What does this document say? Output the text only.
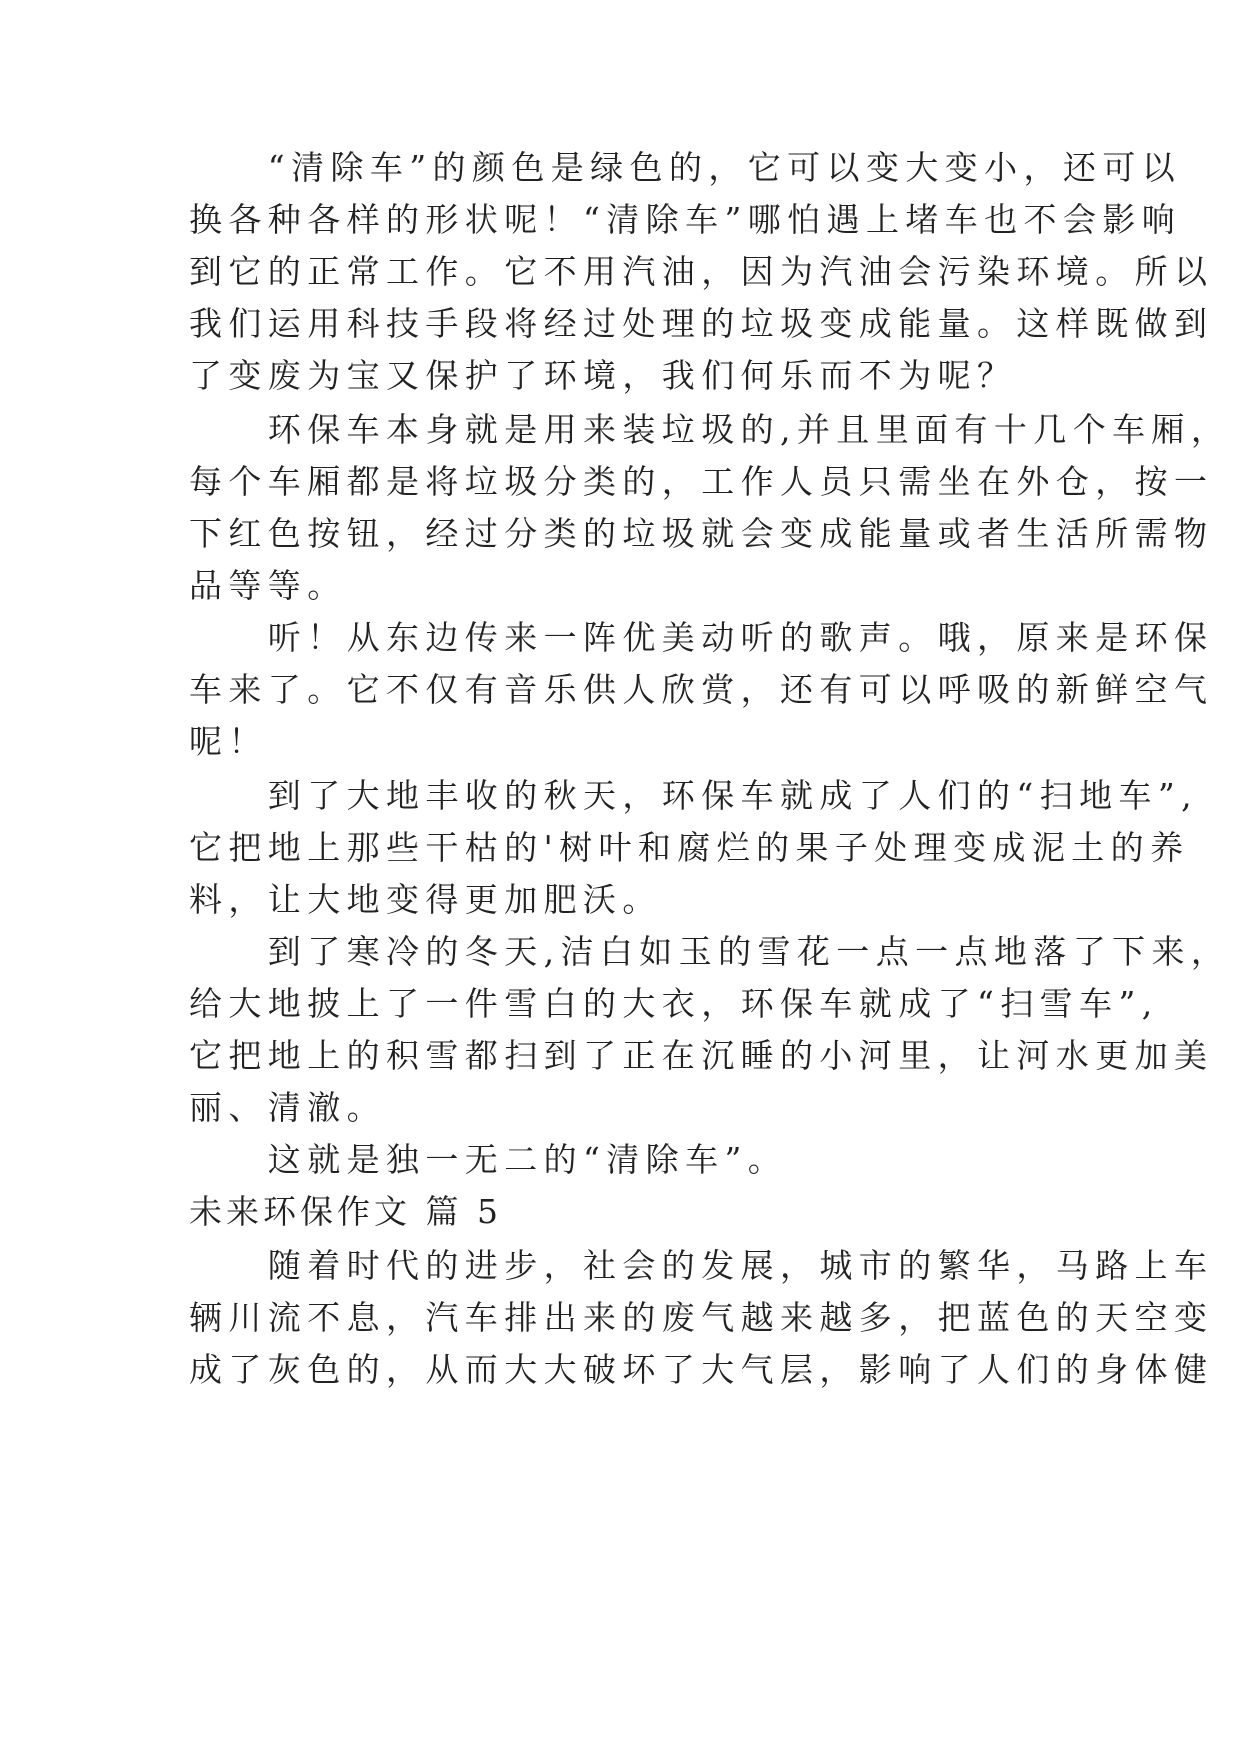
　　“清除车”的颜色是绿色的，它可以变大变小，还可以
换各种各样的形状呢！“清除车”哪怕遇上堵车也不会影响
到它的正常工作。它不用汽油，因为汽油会污染环境。所以
我们运用科技手段将经过处理的垃圾变成能量。这样既做到
了变废为宝又保护了环境，我们何乐而不为呢？
　　环保车本身就是用来装垃圾的,并且里面有十几个车厢，
每个车厢都是将垃圾分类的，工作人员只需坐在外仓，按一
下红色按钮，经过分类的垃圾就会变成能量或者生活所需物
品等等。
　　听！从东边传来一阵优美动听的歌声。哦，原来是环保
车来了。它不仅有音乐供人欣赏，还有可以呼吸的新鲜空气
呢！
　　到了大地丰收的秋天，环保车就成了人们的“扫地车”,
它把地上那些干枯的'树叶和腐烂的果子处理变成泥土的养
料，让大地变得更加肥沃。
　　到了寒冷的冬天,洁白如玉的雪花一点一点地落了下来，
给大地披上了一件雪白的大衣，环保车就成了“扫雪车”,
它把地上的积雪都扫到了正在沉睡的小河里，让河水更加美
丽、清澈。
　　这就是独一无二的“清除车”。
未来环保作文 篇 5
　　随着时代的进步，社会的发展，城市的繁华，马路上车
辆川流不息，汽车排出来的废气越来越多，把蓝色的天空变
成了灰色的，从而大大破坏了大气层，影响了人们的身体健
